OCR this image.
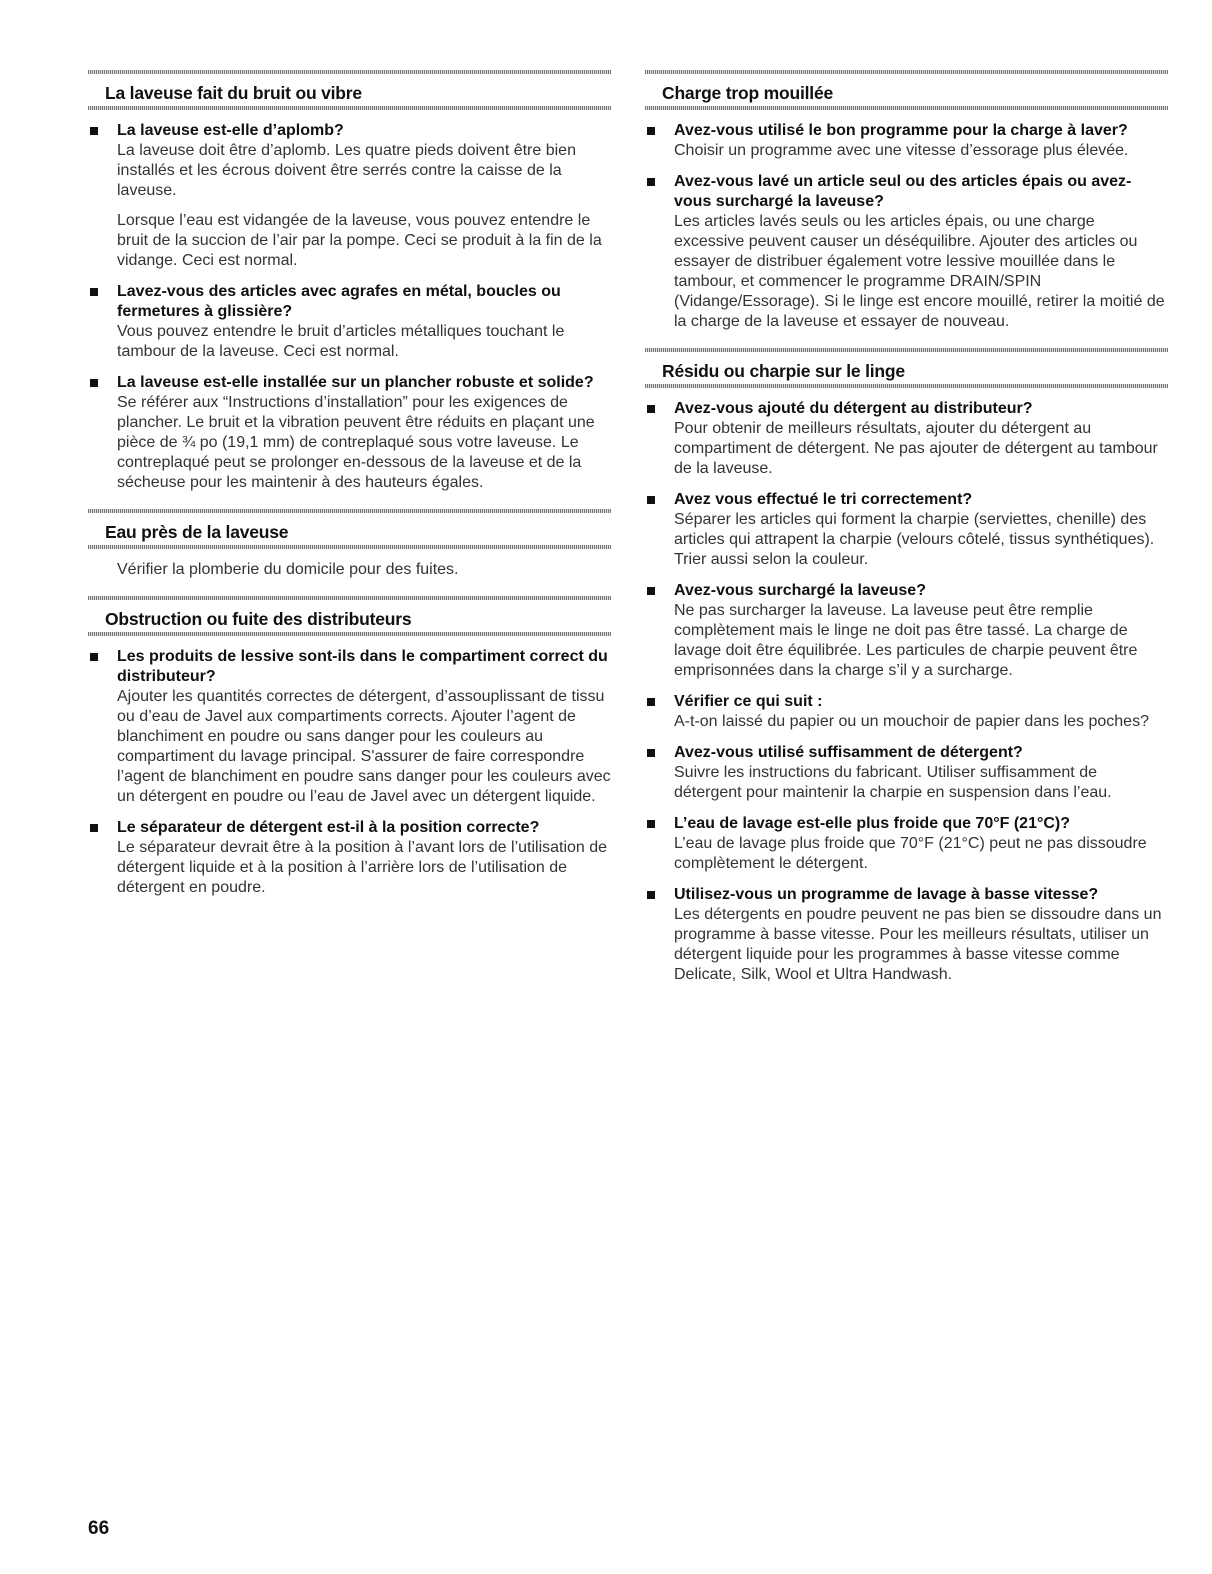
La laveuse fait du bruit ou vibre
La laveuse est-elle d’aplomb?
La laveuse doit être d’aplomb. Les quatre pieds doivent être bien installés et les écrous doivent être serrés contre la caisse de la laveuse.
Lorsque l’eau est vidangée de la laveuse, vous pouvez entendre le bruit de la succion de l’air par la pompe. Ceci se produit à la fin de la vidange. Ceci est normal.
Lavez-vous des articles avec agrafes en métal, boucles ou fermetures à glissière?
Vous pouvez entendre le bruit d’articles métalliques touchant le tambour de la laveuse. Ceci est normal.
La laveuse est-elle installée sur un plancher robuste et solide?
Se référer aux “Instructions d’installation” pour les exigences de plancher. Le bruit et la vibration peuvent être réduits en plaçant une pièce de ¾ po (19,1 mm) de contreplaqué sous votre laveuse. Le contreplaqué peut se prolonger en-dessous de la laveuse et de la sécheuse pour les maintenir à des hauteurs égales.
Eau près de la laveuse
Vérifier la plomberie du domicile pour des fuites.
Obstruction ou fuite des distributeurs
Les produits de lessive sont-ils dans le compartiment correct du distributeur?
Ajouter les quantités correctes de détergent, d’assouplissant de tissu ou d’eau de Javel aux compartiments corrects. Ajouter l’agent de blanchiment en poudre ou sans danger pour les couleurs au compartiment du lavage principal. S'assurer de faire correspondre l’agent de blanchiment en poudre sans danger pour les couleurs avec un détergent en poudre ou l’eau de Javel avec un détergent liquide.
Le séparateur de détergent est-il à la position correcte?
Le séparateur devrait être à la position à l’avant lors de l’utilisation de détergent liquide et à la position à l’arrière lors de l’utilisation de détergent en poudre.
Charge trop mouillée
Avez-vous utilisé le bon programme pour la charge à laver?
Choisir un programme avec une vitesse d’essorage plus élevée.
Avez-vous lavé un article seul ou des articles épais ou avez-vous surchargé la laveuse?
Les articles lavés seuls ou les articles épais, ou une charge excessive peuvent causer un déséquilibre. Ajouter des articles ou essayer de distribuer également votre lessive mouillée dans le tambour, et commencer le programme DRAIN/SPIN (Vidange/Essorage). Si le linge est encore mouillé, retirer la moitié de la charge de la laveuse et essayer de nouveau.
Résidu ou charpie sur le linge
Avez-vous ajouté du détergent au distributeur?
Pour obtenir de meilleurs résultats, ajouter du détergent au compartiment de détergent. Ne pas ajouter de détergent au tambour de la laveuse.
Avez vous effectué le tri correctement?
Séparer les articles qui forment la charpie (serviettes, chenille) des articles qui attrapent la charpie (velours côtelé, tissus synthétiques). Trier aussi selon la couleur.
Avez-vous surchargé la laveuse?
Ne pas surcharger la laveuse. La laveuse peut être remplie complètement mais le linge ne doit pas être tassé. La charge de lavage doit être équilibrée. Les particules de charpie peuvent être emprisonnées dans la charge s’il y a surcharge.
Vérifier ce qui suit :
A-t-on laissé du papier ou un mouchoir de papier dans les poches?
Avez-vous utilisé suffisamment de détergent?
Suivre les instructions du fabricant. Utiliser suffisamment de détergent pour maintenir la charpie en suspension dans l’eau.
L’eau de lavage est-elle plus froide que 70°F (21°C)?
L’eau de lavage plus froide que 70°F (21°C) peut ne pas dissoudre complètement le détergent.
Utilisez-vous un programme de lavage à basse vitesse?
Les détergents en poudre peuvent ne pas bien se dissoudre dans un programme à basse vitesse. Pour les meilleurs résultats, utiliser un détergent liquide pour les programmes à basse vitesse comme Delicate, Silk, Wool et Ultra Handwash.
66
